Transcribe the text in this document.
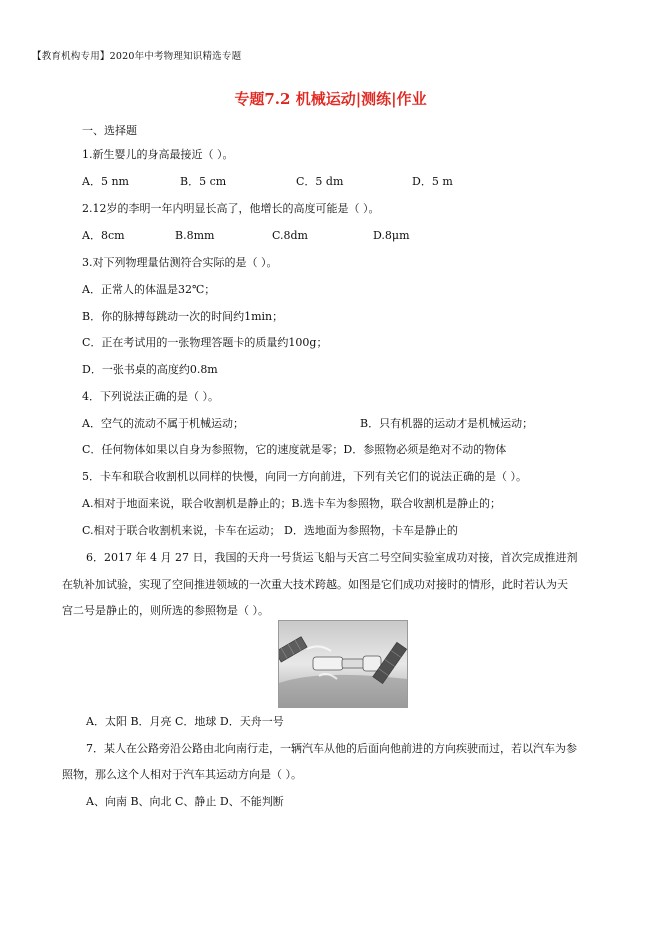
【教育机构专用】2020年中考物理知识精选专题
专题7.2 机械运动|测练|作业
一、选择题
1.新生婴儿的身高最接近（ ）。
A．5 nm	B．5 cm	C．5 dm	D．5 m
2.12岁的李明一年内明显长高了，他增长的高度可能是（ ）。
A．8cm	B.8mm	C.8dm	D.8μm
3.对下列物理量估测符合实际的是（ ）。
A．正常人的体温是32℃；
B．你的脉搏每跳动一次的时间约1min；
C．正在考试用的一张物理答题卡的质量约100g；
D．一张书桌的高度约0.8m
4．下列说法正确的是（ ）。
A．空气的流动不属于机械运动；	B．只有机器的运动才是机械运动；
C．任何物体如果以自身为参照物，它的速度就是零；D．参照物必须是绝对不动的物体
5．卡车和联合收割机以同样的快慢，向同一方向前进，下列有关它们的说法正确的是（ ）。
A.相对于地面来说，联合收割机是静止的；B.选卡车为参照物，联合收割机是静止的；
C.相对于联合收割机来说，卡车在运动； D．选地面为参照物，卡车是静止的
6．2017 年 4 月 27 日，我国的天舟一号货运飞船与天宫二号空间实验室成功对接，首次完成推进剂
在轨补加试验，实现了空间推进领域的一次重大技术跨越。如图是它们成功对接时的情形，此时若认为天
宫二号是静止的，则所选的参照物是（ ）。
A．太阳 B．月亮 C．地球 D．天舟一号
7．某人在公路旁沿公路由北向南行走，一辆汽车从他的后面向他前进的方向疾驶而过，若以汽车为参
照物，那么这个人相对于汽车其运动方向是（ ）。
A、向南 B、向北 C、静止 D、不能判断
